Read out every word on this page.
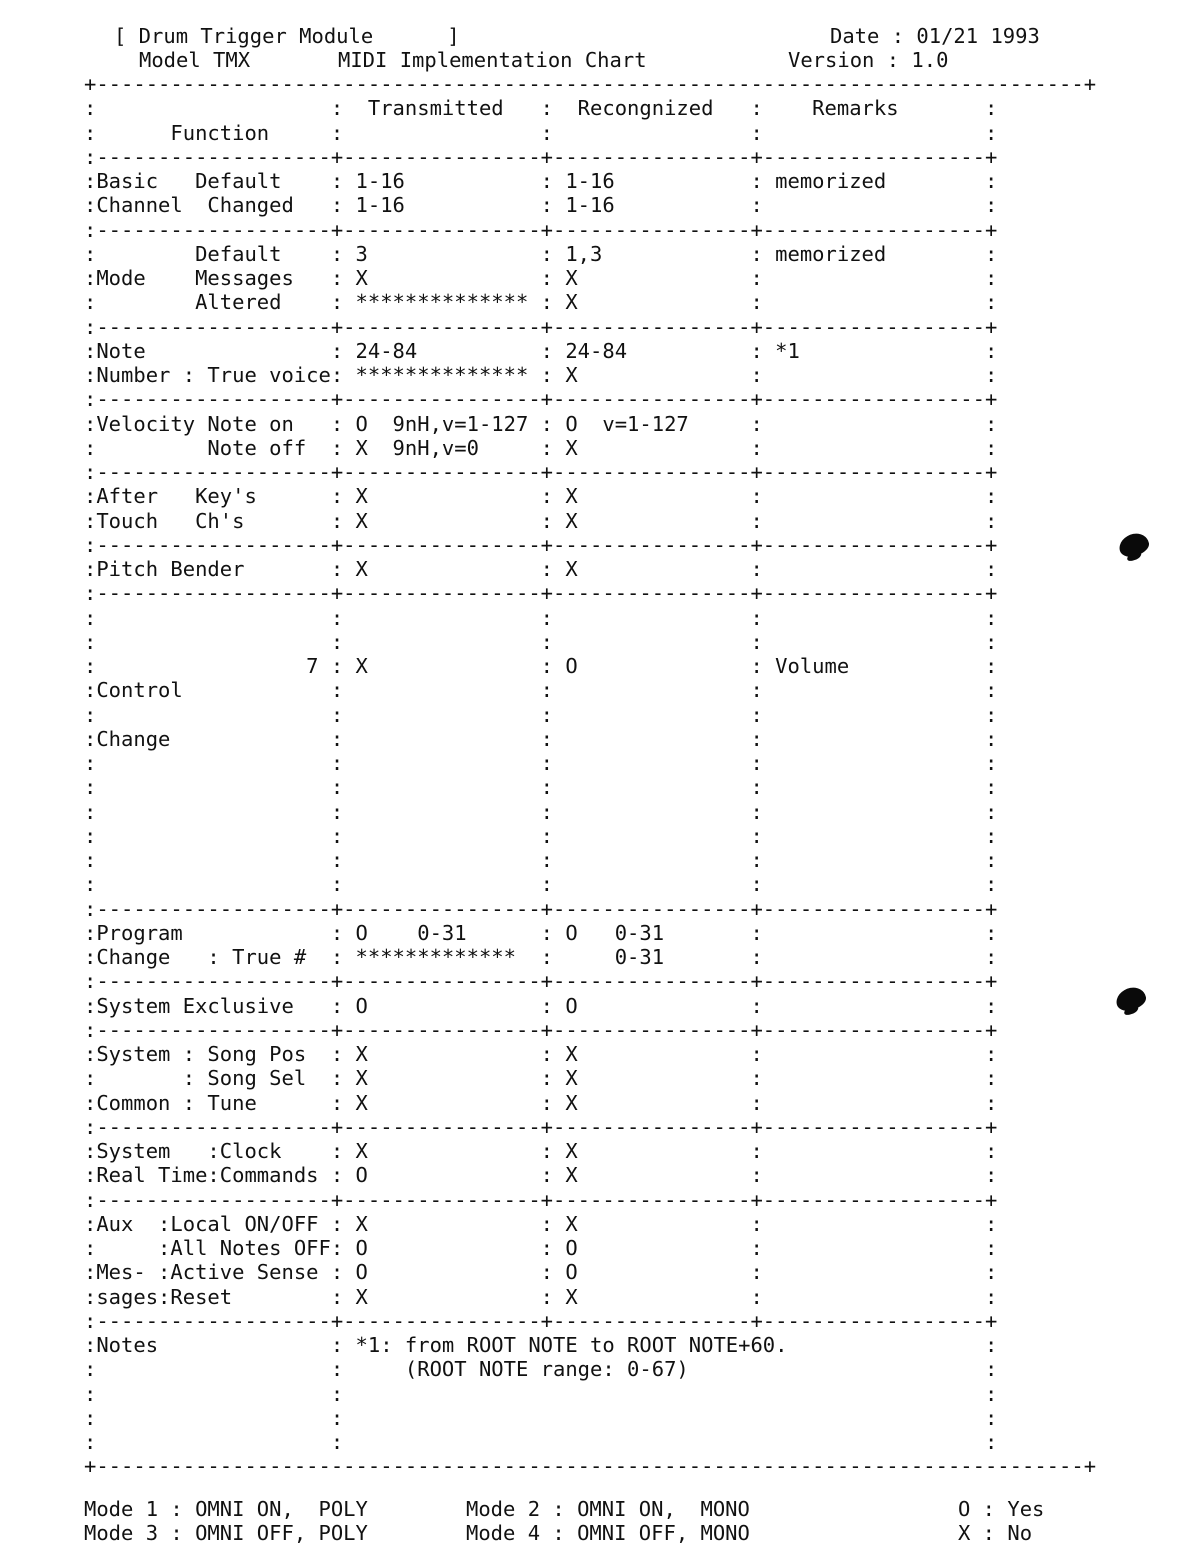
[ Drum Trigger Module      ]	Date : 01/21 1993
Model TMX	MIDI Implementation Chart	Version : 1.0
+--------------------------------------------------------------------------------+
:                   :  Transmitted   :  Recongnized   :    Remarks       :
:      Function     :                :                :                  :
:-------------------+----------------+----------------+------------------+
:Basic   Default    : 1-16           : 1-16           : memorized        :
:Channel  Changed   : 1-16           : 1-16           :                  :
:-------------------+----------------+----------------+------------------+
:        Default    : 3              : 1,3            : memorized        :
:Mode    Messages   : X              : X              :                  :
:        Altered    : ************** : X              :                  :
:-------------------+----------------+----------------+------------------+
:Note               : 24-84          : 24-84          : *1               :
:Number : True voice: ************** : X              :                  :
:-------------------+----------------+----------------+------------------+
:Velocity Note on   : O  9nH,v=1-127 : O  v=1-127     :                  :
:         Note off  : X  9nH,v=0     : X              :                  :
:-------------------+----------------+----------------+------------------+
:After   Key's      : X              : X              :                  :
:Touch   Ch's       : X              : X              :                  :
:-------------------+----------------+----------------+------------------+
:Pitch Bender       : X              : X              :                  :
:-------------------+----------------+----------------+------------------+
:                   :                :                :                  :
:                   :                :                :                  :
:                 7 : X              : O              : Volume           :
:Control            :                :                :                  :
:                   :                :                :                  :
:Change             :                :                :                  :
:                   :                :                :                  :
:                   :                :                :                  :
:                   :                :                :                  :
:                   :                :                :                  :
:                   :                :                :                  :
:                   :                :                :                  :
:-------------------+----------------+----------------+------------------+
:Program            : O    0-31      : O   0-31       :                  :
:Change   : True #  : *************  :     0-31       :                  :
:-------------------+----------------+----------------+------------------+
:System Exclusive   : O              : O              :                  :
:-------------------+----------------+----------------+------------------+
:System : Song Pos  : X              : X              :                  :
:       : Song Sel  : X              : X              :                  :
:Common : Tune      : X              : X              :                  :
:-------------------+----------------+----------------+------------------+
:System   :Clock    : X              : X              :                  :
:Real Time:Commands : O              : X              :                  :
:-------------------+----------------+----------------+------------------+
:Aux  :Local ON/OFF : X              : X              :                  :
:     :All Notes OFF: O              : O              :                  :
:Mes- :Active Sense : O              : O              :                  :
:sages:Reset        : X              : X              :                  :
:-------------------+----------------+----------------+------------------+
:Notes              : *1: from ROOT NOTE to ROOT NOTE+60.                :
:                   :     (ROOT NOTE range: 0-67)                        :
:                   :                                                    :
:                   :                                                    :
:                   :                                                    :
+--------------------------------------------------------------------------------+
Mode 1 : OMNI ON,  POLY	Mode 2 : OMNI ON,  MONO
Mode 3 : OMNI OFF, POLY	Mode 4 : OMNI OFF, MONO
O : Yes
X : No
